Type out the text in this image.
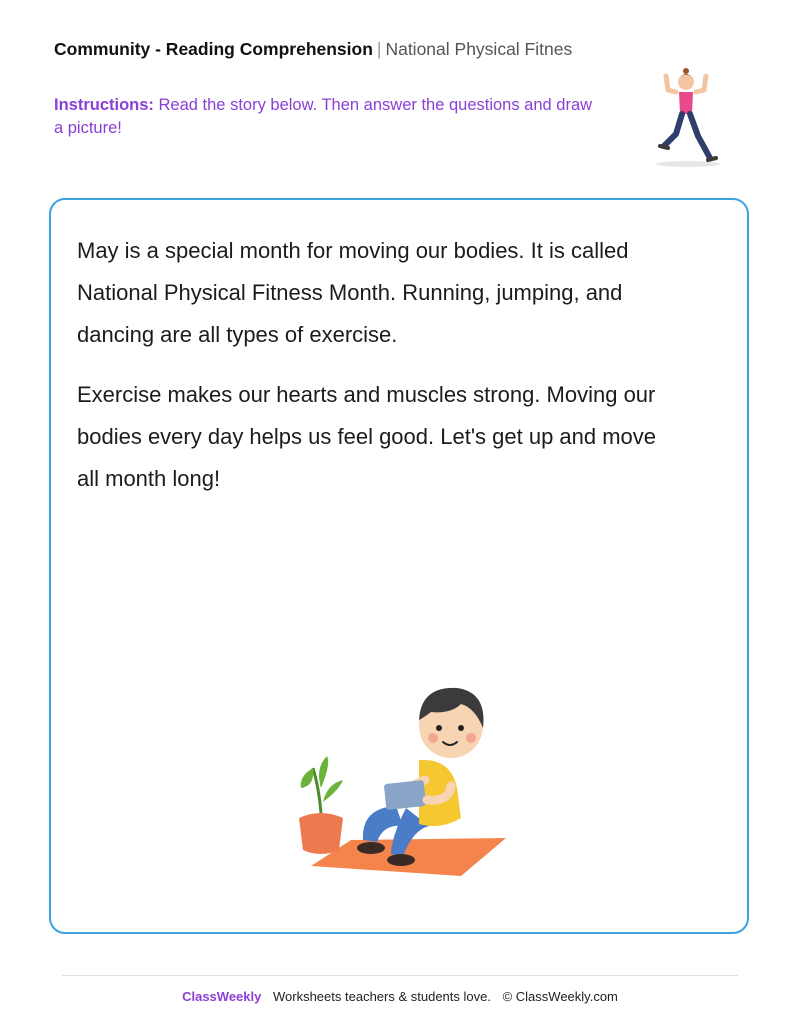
Community - Reading Comprehension | National Physical Fitnes
Instructions: Read the story below. Then answer the questions and draw a picture!

May is a special month for moving our bodies. It is called National Physical Fitness Month. Running, jumping, and dancing are all types of exercise.

Exercise makes our hearts and muscles strong. Moving our bodies every day helps us feel good. Let's get up and move all month long!

ClassWeekly Worksheets teachers & students love. © ClassWeekly.com
